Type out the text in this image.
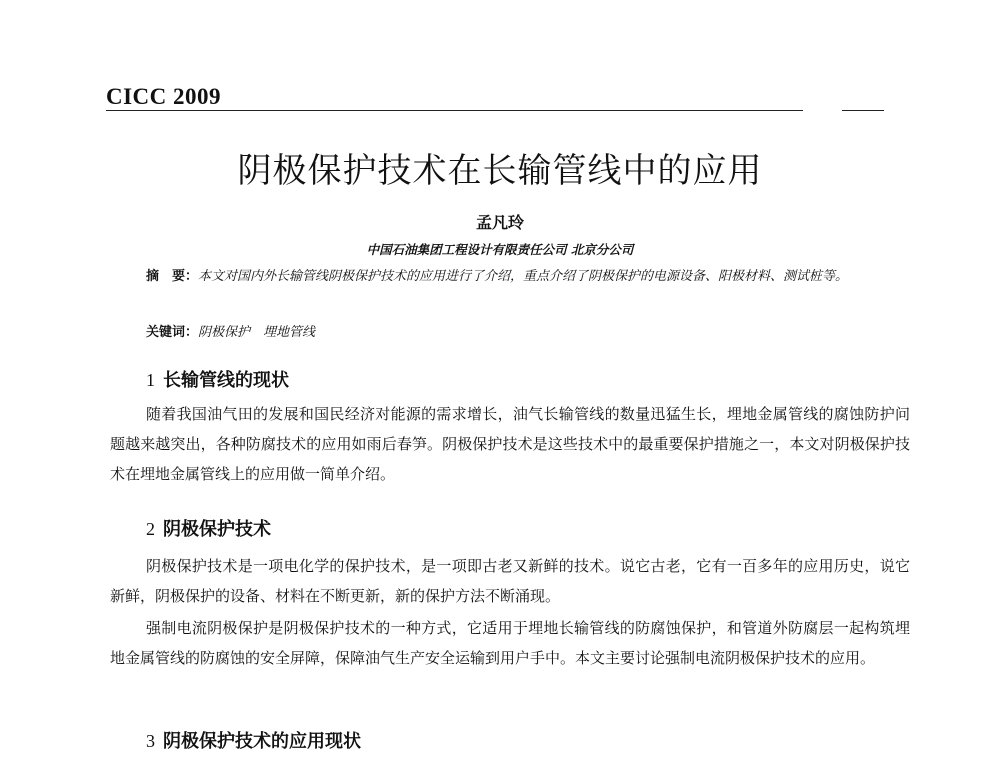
CICC 2009
阴极保护技术在长输管线中的应用
孟凡玲
中国石油集团工程设计有限责任公司 北京分公司
摘　要：本文对国内外长输管线阴极保护技术的应用进行了介绍，重点介绍了阴极保护的电源设备、阳极材料、测试桩等。
关键词：阴极保护　埋地管线
1 长输管线的现状
随着我国油气田的发展和国民经济对能源的需求增长，油气长输管线的数量迅猛生长，埋地金属管线的腐蚀防护问题越来越突出，各种防腐技术的应用如雨后春笋。阴极保护技术是这些技术中的最重要保护措施之一，本文对阴极保护技术在埋地金属管线上的应用做一简单介绍。
2 阴极保护技术
阴极保护技术是一项电化学的保护技术，是一项即古老又新鲜的技术。说它古老，它有一百多年的应用历史，说它新鲜，阴极保护的设备、材料在不断更新，新的保护方法不断涌现。
强制电流阴极保护是阴极保护技术的一种方式，它适用于埋地长输管线的防腐蚀保护，和管道外防腐层一起构筑埋地金属管线的防腐蚀的安全屏障，保障油气生产安全运输到用户手中。本文主要讨论强制电流阴极保护技术的应用。
3 阴极保护技术的应用现状
